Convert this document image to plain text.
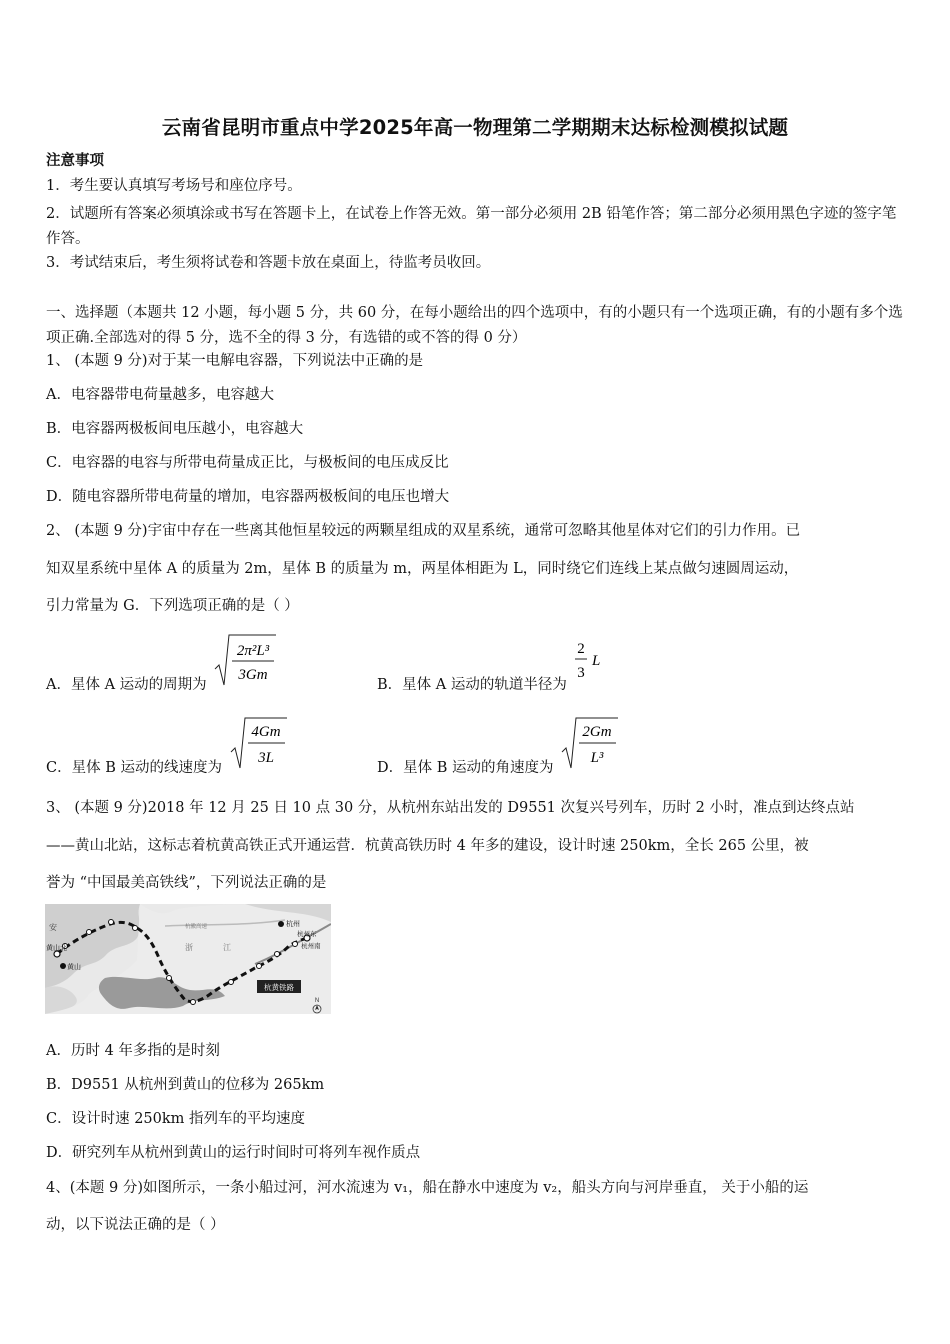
云南省昆明市重点中学2025年高一物理第二学期期末达标检测模拟试题
注意事项
1．考生要认真填写考场号和座位序号。
2．试题所有答案必须填涂或书写在答题卡上，在试卷上作答无效。第一部分必须用 2B 铅笔作答；第二部分必须用黑色字迹的签字笔作答。
3．考试结束后，考生须将试卷和答题卡放在桌面上，待监考员收回。
一、选择题（本题共 12 小题，每小题 5 分，共 60 分，在每小题给出的四个选项中，有的小题只有一个选项正确，有的小题有多个选项正确.全部选对的得 5 分，选不全的得 3 分，有选错的或不答的得 0 分）
1、 (本题 9 分)对于某一电解电容器，下列说法中正确的是
A．电容器带电荷量越多，电容越大
B．电容器两极板间电压越小，电容越大
C．电容器的电容与所带电荷量成正比，与极板间的电压成反比
D．随电容器所带电荷量的增加，电容器两极板间的电压也增大
2、 (本题 9 分)宇宙中存在一些离其他恒星较远的两颗星组成的双星系统，通常可忽略其他星体对它们的引力作用。已
知双星系统中星体 A 的质量为 2m，星体 B 的质量为 m，两星体相距为 L，同时绕它们连线上某点做匀速圆周运动，
引力常量为 G．下列选项正确的是（ ）
A．星体 A 运动的周期为
2π²L³
3Gm
B．星体 A 运动的轨道半径为
2
3
L
C．星体 B 运动的线速度为
4Gm
3L
D．星体 B 运动的角速度为
2Gm
L³
3、 (本题 9 分)2018 年 12 月 25 日 10 点 30 分，从杭州东站出发的 D9551 次复兴号列车，历时 2 小时，准点到达终点站
——黄山北站，这标志着杭黄高铁正式开通运营．杭黄高铁历时 4 年多的建设，设计时速 250km，全长 265 公里，被
誉为 “中国最美高铁线”，下列说法正确的是
安
黄山北
黄山
杭州
杭州东
杭州南
浙	江
杭徽高速
杭黄铁路
N
A．历时 4 年多指的是时刻
B．D9551 从杭州到黄山的位移为 265km
C．设计时速 250km 指列车的平均速度
D．研究列车从杭州到黄山的运行时间时可将列车视作质点
4、(本题 9 分)如图所示，一条小船过河，河水流速为 v₁，船在静水中速度为 v₂，船头方向与河岸垂直， 关于小船的运
动，以下说法正确的是（ ）
